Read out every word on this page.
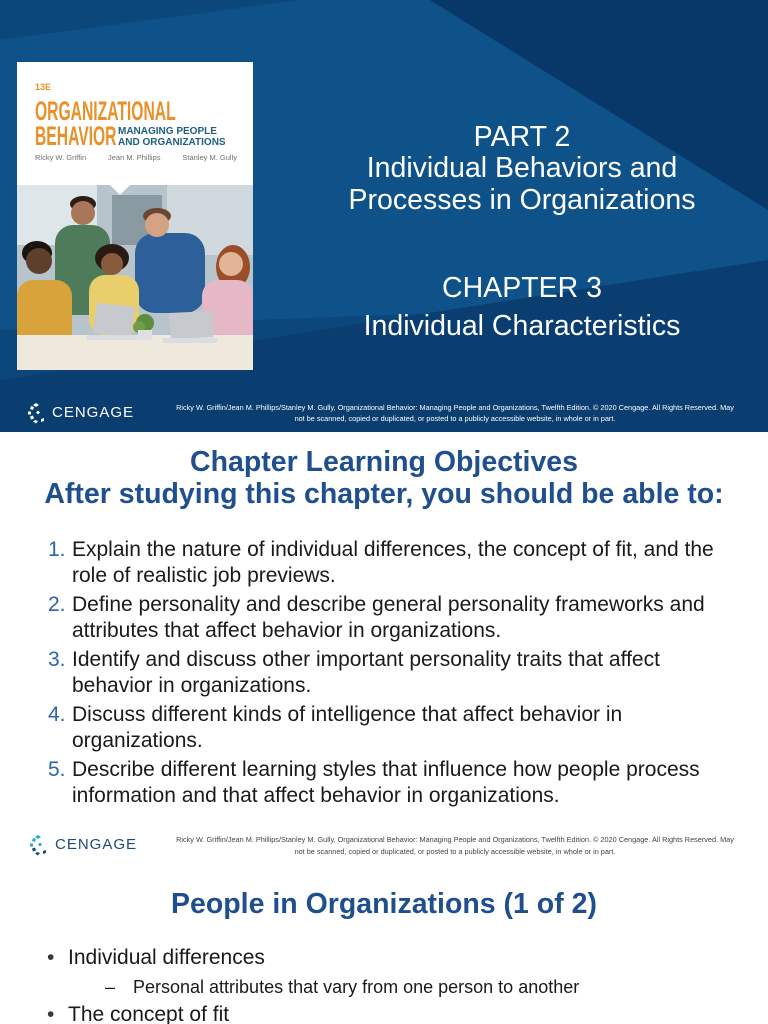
13E
ORGANIZATIONAL
BEHAVIOR MANAGING PEOPLE
AND ORGANIZATIONS
Ricky W. Griffin	Jean M. Phillips	Stanley M. Gully
PART 2
Individual Behaviors and
Processes in Organizations
CHAPTER 3
Individual Characteristics
CENGAGE	Ricky W. Griffin/Jean M. Phillips/Stanley M. Gully, Organizational Behavior: Managing People and Organizations, Twelfth Edition. © 2020 Cengage. All Rights Reserved. May
not be scanned, copied or duplicated, or posted to a publicly accessible website, in whole or in part.
Chapter Learning Objectives
After studying this chapter, you should be able to:
1. Explain the nature of individual differences, the concept of fit, and the
role of realistic job previews.
2. Define personality and describe general personality frameworks and
attributes that affect behavior in organizations.
3. Identify and discuss other important personality traits that affect
behavior in organizations.
4. Discuss different kinds of intelligence that affect behavior in
organizations.
5. Describe different learning styles that influence how people process
information and that affect behavior in organizations.
CENGAGE	Ricky W. Griffin/Jean M. Phillips/Stanley M. Gully, Organizational Behavior: Managing People and Organizations, Twelfth Edition. © 2020 Cengage. All Rights Reserved. May
not be scanned, copied or duplicated, or posted to a publicly accessible website, in whole or in part.
People in Organizations (1 of 2)
• Individual differences
– Personal attributes that vary from one person to another
• The concept of fit
